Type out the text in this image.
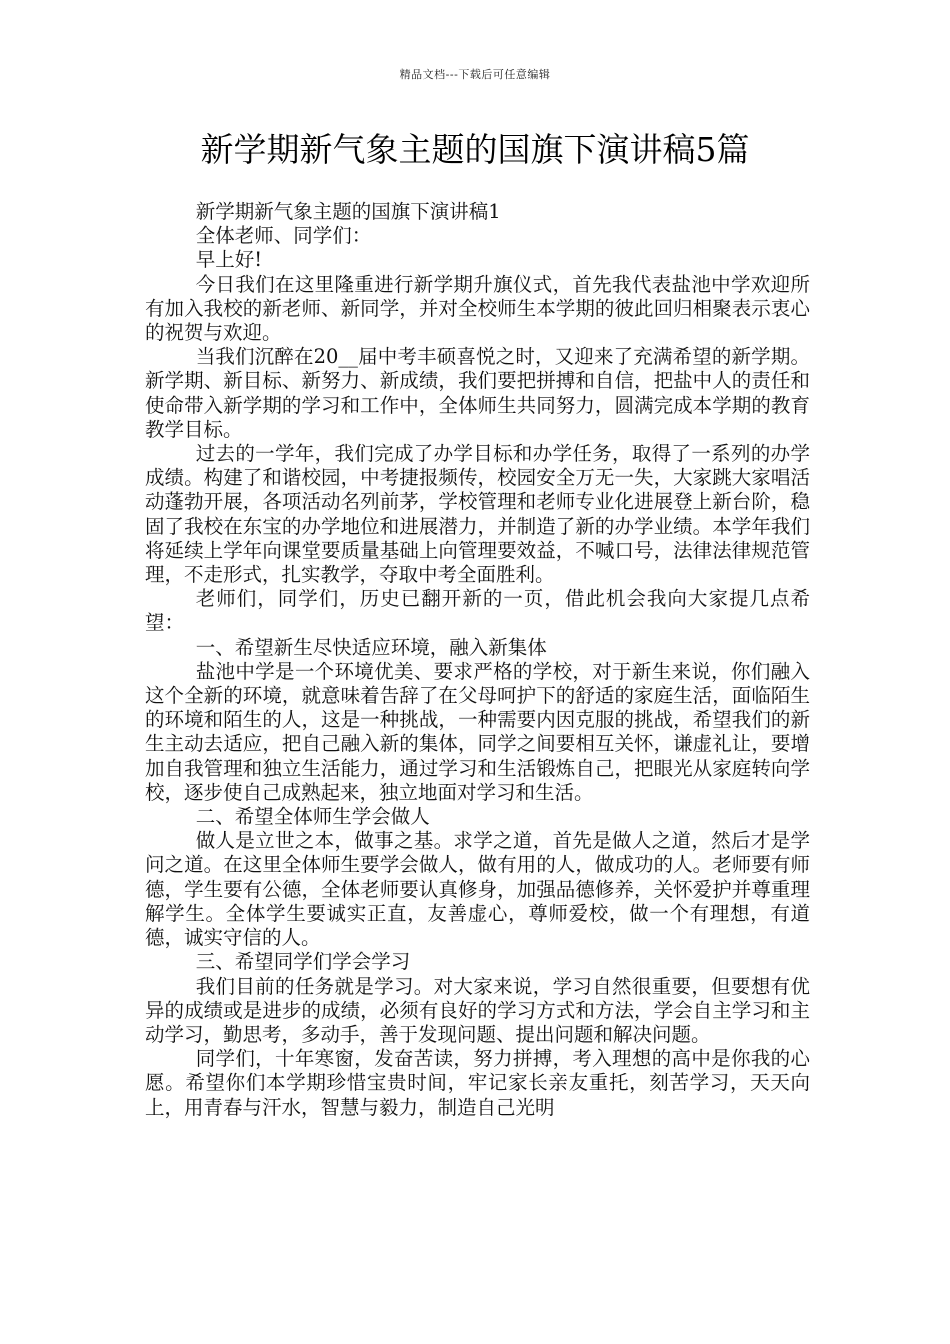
精品文档---下载后可任意编辑
新学期新气象主题的国旗下演讲稿5篇

新学期新气象主题的国旗下演讲稿1

全体老师、同学们：

早上好!

今日我们在这里隆重进行新学期升旗仪式，首先我代表盐池中学欢迎所有加入我校的新老师、新同学，并对全校师生本学期的彼此回归相聚表示衷心的祝贺与欢迎。

当我们沉醉在20__届中考丰硕喜悦之时，又迎来了充满希望的新学期。新学期、新目标、新努力、新成绩，我们要把拼搏和自信，把盐中人的责任和使命带入新学期的学习和工作中，全体师生共同努力，圆满完成本学期的教育教学目标。

过去的一学年，我们完成了办学目标和办学任务，取得了一系列的办学成绩。构建了和谐校园，中考捷报频传，校园安全万无一失，大家跳大家唱活动蓬勃开展，各项活动名列前茅，学校管理和老师专业化进展登上新台阶，稳固了我校在东宝的办学地位和进展潜力，并制造了新的办学业绩。本学年我们将延续上学年向课堂要质量基础上向管理要效益，不喊口号，法律法律规范管理，不走形式，扎实教学，夺取中考全面胜利。

老师们，同学们，历史已翻开新的一页，借此机会我向大家提几点希望：

一、希望新生尽快适应环境，融入新集体

盐池中学是一个环境优美、要求严格的学校，对于新生来说，你们融入这个全新的环境，就意味着告辞了在父母呵护下的舒适的家庭生活，面临陌生的环境和陌生的人，这是一种挑战，一种需要内因克服的挑战，希望我们的新生主动去适应，把自己融入新的集体，同学之间要相互关怀，谦虚礼让，要增加自我管理和独立生活能力，通过学习和生活锻炼自己，把眼光从家庭转向学校，逐步使自己成熟起来，独立地面对学习和生活。

二、希望全体师生学会做人

做人是立世之本，做事之基。求学之道，首先是做人之道，然后才是学问之道。在这里全体师生要学会做人，做有用的人，做成功的人。老师要有师德，学生要有公德，全体老师要认真修身，加强品德修养，关怀爱护并尊重理解学生。全体学生要诚实正直，友善虚心，尊师爱校，做一个有理想，有道德，诚实守信的人。

三、希望同学们学会学习

我们目前的任务就是学习。对大家来说，学习自然很重要，但要想有优异的成绩或是进步的成绩，必须有良好的学习方式和方法，学会自主学习和主动学习，勤思考，多动手，善于发现问题、提出问题和解决问题。

同学们，十年寒窗，发奋苦读，努力拼搏，考入理想的高中是你我的心愿。希望你们本学期珍惜宝贵时间，牢记家长亲友重托，刻苦学习，天天向上，用青春与汗水，智慧与毅力，制造自己光明
